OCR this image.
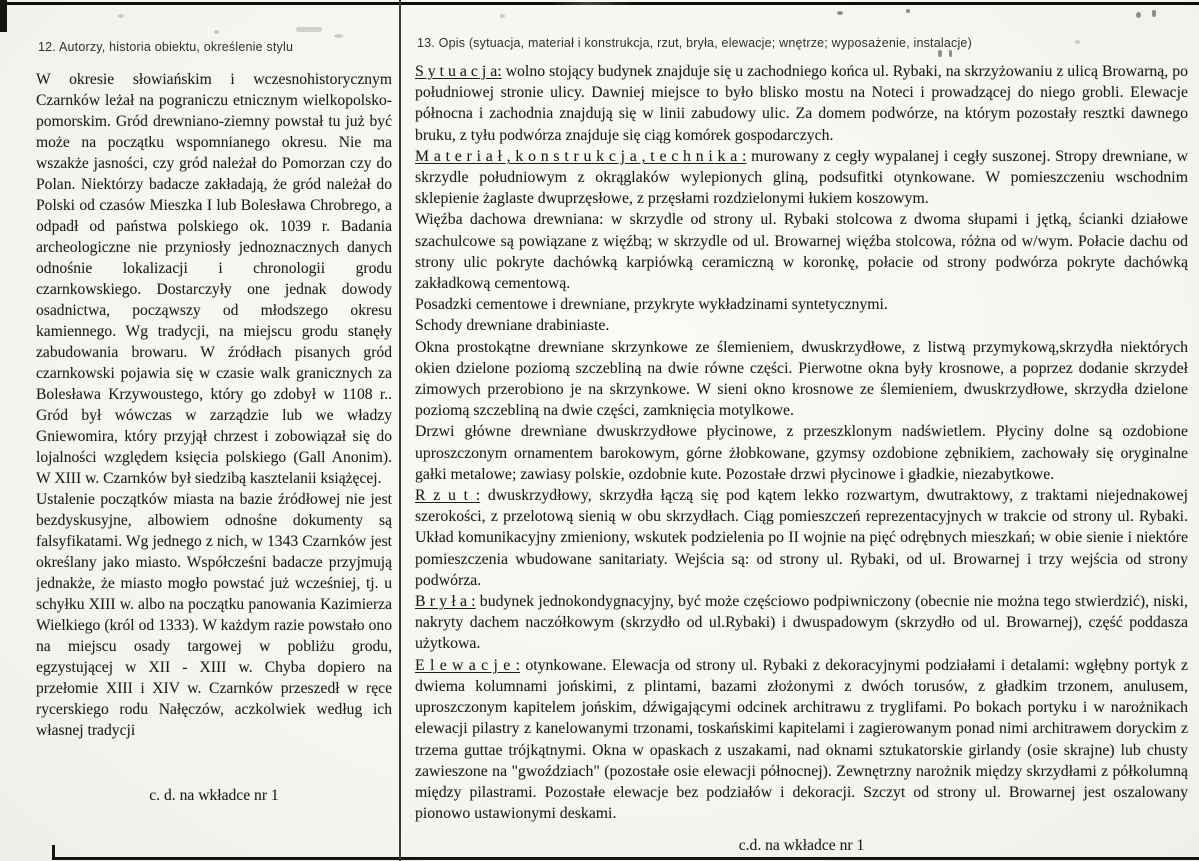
12. Autorzy, historia obiektu, określenie stylu

W okresie słowiańskim i wczesnohistorycznym Czarnków leżał na pograniczu etnicznym wielkopolsko-pomorskim. Gród drewniano-ziemny powstał tu już być może na początku wspomnianego okresu. Nie ma wszakże jasności, czy gród należał do Pomorzan czy do Polan. Niektórzy badacze zakładają, że gród należał do Polski od czasów Mieszka I lub Bolesława Chrobrego, a odpadł od państwa polskiego ok. 1039 r. Badania archeologiczne nie przyniosły jednoznacznych danych odnośnie lokalizacji i chronologii grodu czarnkowskiego. Dostarczyły one jednak dowody osadnictwa, począwszy od młodszego okresu kamiennego. Wg tradycji, na miejscu grodu stanęły zabudowania browaru. W źródłach pisanych gród czarnkowski pojawia się w czasie walk granicznych za Bolesława Krzywoustego, który go zdobył w 1108 r.. Gród był wówczas w zarządzie lub we władzy Gniewomira, który przyjął chrzest i zobowiązał się do lojalności względem księcia polskiego (Gall Anonim). W XIII w. Czarnków był siedzibą kasztelanii książęcej.

Ustalenie początków miasta na bazie źródłowej nie jest bezdyskusyjne, albowiem odnośne dokumenty są falsyfikatami. Wg jednego z nich, w 1343 Czarnków jest określany jako miasto. Współcześni badacze przyjmują jednakże, że miasto mogło powstać już wcześniej, tj. u schyłku XIII w. albo na początku panowania Kazimierza Wielkiego (król od 1333). W każdym razie powstało ono na miejscu osady targowej w pobliżu grodu, egzystującej w XII - XIII w. Chyba dopiero na przełomie XIII i XIV w. Czarnków przeszedł w ręce rycerskiego rodu Nałęczów, aczkolwiek według ich własnej tradycji

c. d. na wkładce nr 1
13. Opis (sytuacja, materiał i konstrukcja, rzut, bryła, elewacje; wnętrze; wyposażenie, instalacje)

S y t u a c j a: wolno stojący budynek znajduje się u zachodniego końca ul. Rybaki, na skrzyżowaniu z ulicą Browarną, po południowej stronie ulicy. Dawniej miejsce to było blisko mostu na Noteci i prowadzącej do niego grobli. Elewacje północna i zachodnia znajdują się w linii zabudowy ulic. Za domem podwórze, na którym pozostały resztki dawnego bruku, z tyłu podwórza znajduje się ciąg komórek gospodarczych.

M a t e r i a ł , k o n s t r u k c j a , t e c h n i k a : murowany z cegły wypalanej i cegły suszonej. Stropy drewniane, w skrzydle południowym z okrąglaków wylepionych gliną, podsufitki otynkowane. W pomieszczeniu wschodnim sklepienie żaglaste dwuprzęsłowe, z przęsłami rozdzielonymi łukiem koszowym.

Więźba dachowa drewniana: w skrzydle od strony ul. Rybaki stolcowa z dwoma słupami i jętką, ścianki działowe szachulcowe są powiązane z więźbą; w skrzydle od ul. Browarnej więźba stolcowa, różna od w/wym. Połacie dachu od strony ulic pokryte dachówką karpiówką ceramiczną w koronkę, połacie od strony podwórza pokryte dachówką zakładkową cementową.

Posadzki cementowe i drewniane, przykryte wykładzinami syntetycznymi.

Schody drewniane drabiniaste.

Okna prostokątne drewniane skrzynkowe ze ślemieniem, dwuskrzydłowe, z listwą przymykową,skrzydła niektórych okien dzielone poziomą szczebliną na dwie równe części. Pierwotne okna były krosnowe, a poprzez dodanie skrzydeł zimowych przerobiono je na skrzynkowe. W sieni okno krosnowe ze ślemieniem, dwuskrzydłowe, skrzydła dzielone poziomą szczebliną na dwie części, zamknięcia motylkowe.

Drzwi główne drewniane dwuskrzydłowe płycinowe, z przeszklonym nadświetlem. Płyciny dolne są ozdobione uproszczonym ornamentem barokowym, górne żłobkowane, gzymsy ozdobione zębnikiem, zachowały się oryginalne gałki metalowe; zawiasy polskie, ozdobnie kute. Pozostałe drzwi płycinowe i gładkie, niezabytkowe.

R z u t : dwuskrzydłowy, skrzydła łączą się pod kątem lekko rozwartym, dwutraktowy, z traktami niejednakowej szerokości, z przelotową sienią w obu skrzydłach. Ciąg pomieszczeń reprezentacyjnych w trakcie od strony ul. Rybaki. Układ komunikacyjny zmieniony, wskutek podzielenia po II wojnie na pięć odrębnych mieszkań; w obie sienie i niektóre pomieszczenia wbudowane sanitariaty. Wejścia są: od strony ul. Rybaki, od ul. Browarnej i trzy wejścia od strony podwórza.

B r y ł a : budynek jednokondygnacyjny, być może częściowo podpiwniczony (obecnie nie można tego stwierdzić), niski, nakryty dachem naczółkowym (skrzydło od ul.Rybaki) i dwuspadowym (skrzydło od ul. Browarnej), część poddasza użytkowa.

E l e w a c j e : otynkowane. Elewacja od strony ul. Rybaki z dekoracyjnymi podziałami i detalami: wgłębny portyk z dwiema kolumnami jońskimi, z plintami, bazami złożonymi z dwóch torusów, z gładkim trzonem, anulusem, uproszczonym kapitelem jońskim, dźwigającymi odcinek architrawu z tryglifami. Po bokach portyku i w narożnikach elewacji pilastry z kanelowanymi trzonami, toskańskimi kapitelami i zagierowanym ponad nimi architrawem doryckim z trzema guttae trójkątnymi. Okna w opaskach z uszakami, nad oknami sztukatorskie girlandy (osie skrajne) lub chusty zawieszone na "gwoździach" (pozostałe osie elewacji północnej). Zewnętrzny narożnik między skrzydłami z półkolumną między pilastrami. Pozostałe elewacje bez podziałów i dekoracji. Szczyt od strony ul. Browarnej jest oszalowany pionowo ustawionymi deskami.

c.d. na wkładce nr 1
